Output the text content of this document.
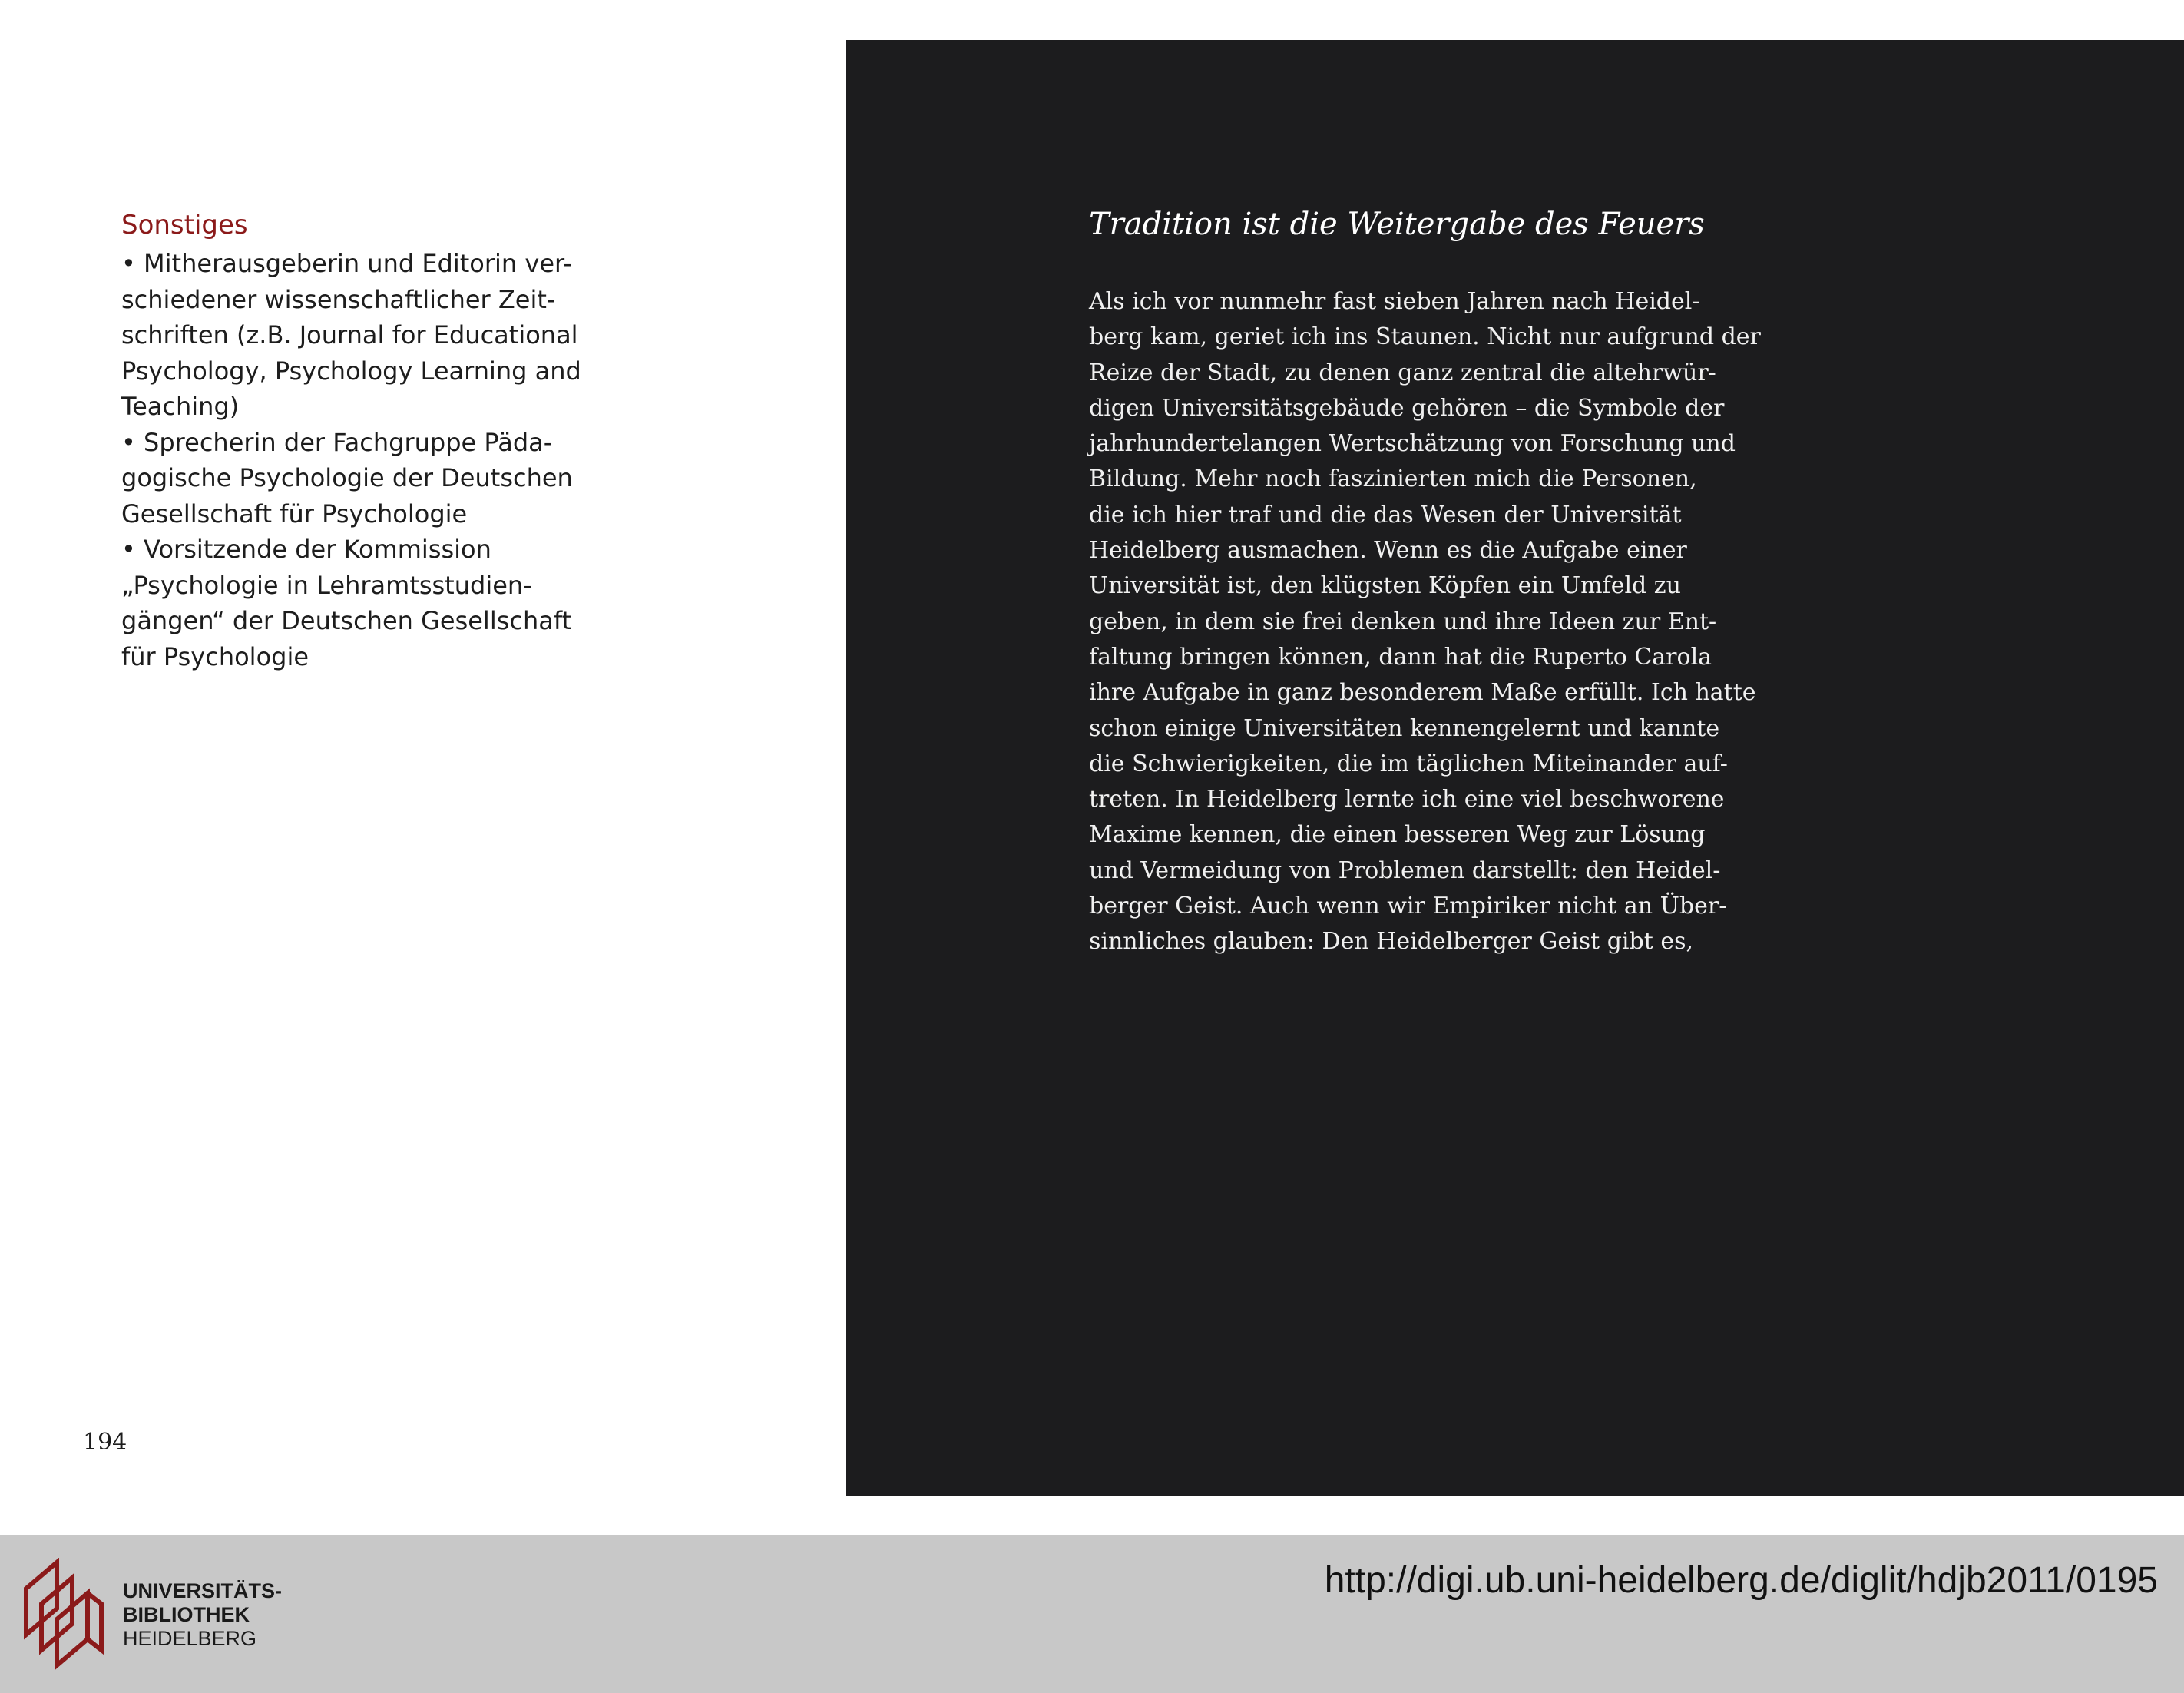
Sonstiges
• Mitherausgeberin und Editorin ver-
schiedener wissenschaftlicher Zeit-
schriften (z.B. Journal for Educational
Psychology, Psychology Learning and
Teaching)
• Sprecherin der Fachgruppe Päda-
gogische Psychologie der Deutschen
Gesellschaft für Psychologie
• Vorsitzende der Kommission
„Psychologie in Lehramtsstudien-
gängen“ der Deutschen Gesellschaft
für Psychologie
194
Tradition ist die Weitergabe des Feuers
Als ich vor nunmehr fast sieben Jahren nach Heidel-
berg kam, geriet ich ins Staunen. Nicht nur aufgrund der
Reize der Stadt, zu denen ganz zentral die altehrwür-
digen Universitätsgebäude gehören – die Symbole der
jahrhundertelangen Wertschätzung von Forschung und
Bildung. Mehr noch faszinierten mich die Personen,
die ich hier traf und die das Wesen der Universität
Heidelberg ausmachen. Wenn es die Aufgabe einer
Universität ist, den klügsten Köpfen ein Umfeld zu
geben, in dem sie frei denken und ihre Ideen zur Ent-
faltung bringen können, dann hat die Ruperto Carola
ihre Aufgabe in ganz besonderem Maße erfüllt. Ich hatte
schon einige Universitäten kennengelernt und kannte
die Schwierigkeiten, die im täglichen Miteinander auf-
treten. In Heidelberg lernte ich eine viel beschworene
Maxime kennen, die einen besseren Weg zur Lösung
und Vermeidung von Problemen darstellt: den Heidel-
berger Geist. Auch wenn wir Empiriker nicht an Über-
sinnliches glauben: Den Heidelberger Geist gibt es,
UNIVERSITÄTS-
BIBLIOTHEK
HEIDELBERG
http://digi.ub.uni-heidelberg.de/diglit/hdjb2011/0195
